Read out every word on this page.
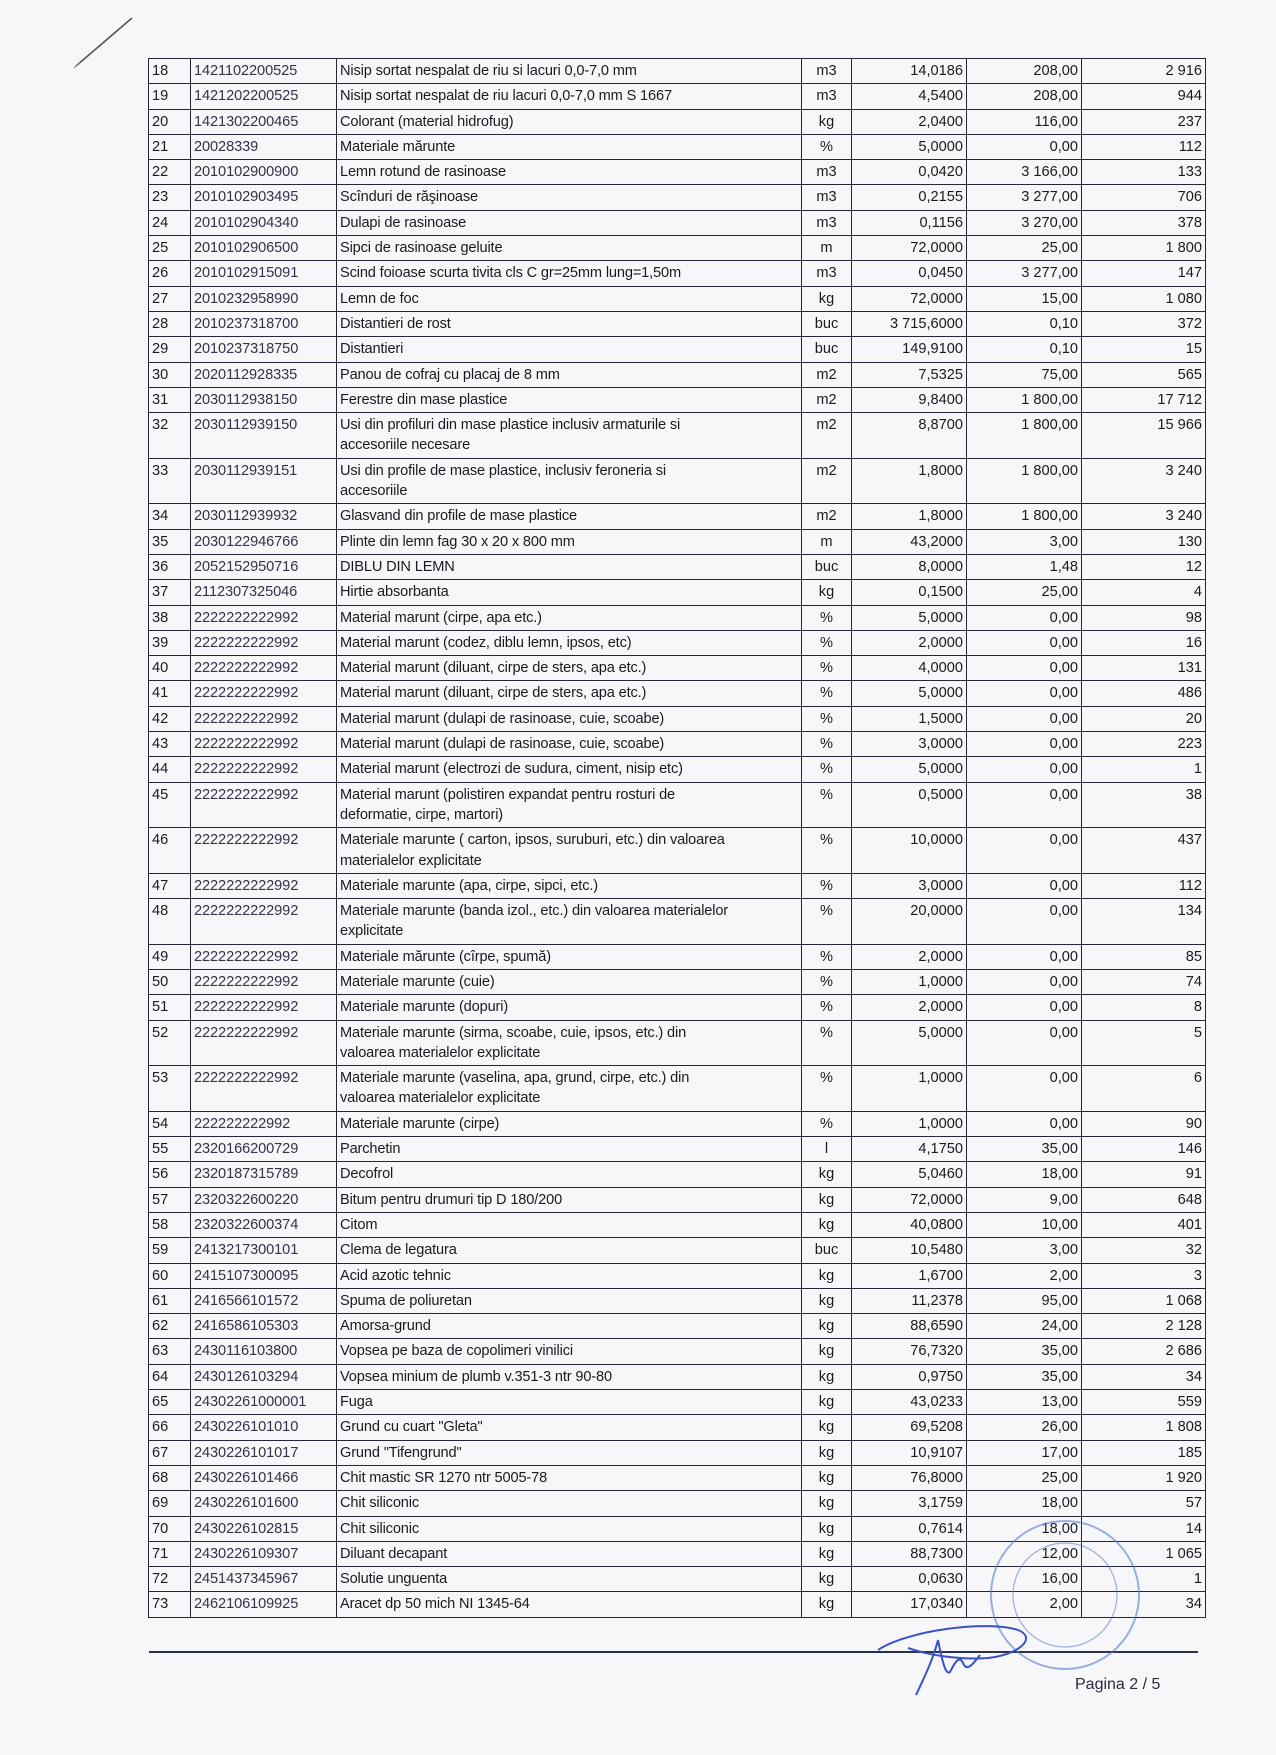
18	1421102200525	Nisip sortat nespalat de riu si lacuri 0,0-7,0 mm	m3	14,0186	208,00	2 916
19	1421202200525	Nisip sortat nespalat de riu lacuri 0,0-7,0 mm S 1667	m3	4,5400	208,00	944
20	1421302200465	Colorant (material hidrofug)	kg	2,0400	116,00	237
21	20028339	Materiale mărunte	%	5,0000	0,00	112
22	2010102900900	Lemn rotund de rasinoase	m3	0,0420	3 166,00	133
23	2010102903495	Scînduri de răşinoase	m3	0,2155	3 277,00	706
24	2010102904340	Dulapi de rasinoase	m3	0,1156	3 270,00	378
25	2010102906500	Sipci de rasinoase geluite	m	72,0000	25,00	1 800
26	2010102915091	Scind foioase scurta tivita cls C gr=25mm lung=1,50m	m3	0,0450	3 277,00	147
27	2010232958990	Lemn de foc	kg	72,0000	15,00	1 080
28	2010237318700	Distantieri de rost	buc	3 715,6000	0,10	372
29	2010237318750	Distantieri	buc	149,9100	0,10	15
30	2020112928335	Panou de cofraj cu placaj de 8 mm	m2	7,5325	75,00	565
31	2030112938150	Ferestre din mase plastice	m2	9,8400	1 800,00	17 712
32	2030112939150	Usi din profiluri din mase plastice inclusiv armaturile si
accesoriile necesare	m2	8,8700	1 800,00	15 966
33	2030112939151	Usi din profile de mase plastice, inclusiv feroneria si
accesoriile	m2	1,8000	1 800,00	3 240
34	2030112939932	Glasvand din profile de mase plastice	m2	1,8000	1 800,00	3 240
35	2030122946766	Plinte din lemn fag 30 x 20 x 800 mm	m	43,2000	3,00	130
36	2052152950716	DIBLU DIN LEMN	buc	8,0000	1,48	12
37	2112307325046	Hirtie absorbanta	kg	0,1500	25,00	4
38	2222222222992	Material marunt (cirpe, apa etc.)	%	5,0000	0,00	98
39	2222222222992	Material marunt (codez, diblu lemn, ipsos, etc)	%	2,0000	0,00	16
40	2222222222992	Material marunt (diluant, cirpe de sters, apa etc.)	%	4,0000	0,00	131
41	2222222222992	Material marunt (diluant, cirpe de sters, apa etc.)	%	5,0000	0,00	486
42	2222222222992	Material marunt (dulapi de rasinoase, cuie, scoabe)	%	1,5000	0,00	20
43	2222222222992	Material marunt (dulapi de rasinoase, cuie, scoabe)	%	3,0000	0,00	223
44	2222222222992	Material marunt (electrozi de sudura, ciment, nisip etc)	%	5,0000	0,00	1
45	2222222222992	Material marunt (polistiren expandat pentru rosturi de
deformatie, cirpe, martori)	%	0,5000	0,00	38
46	2222222222992	Materiale marunte ( carton, ipsos, suruburi, etc.) din valoarea
materialelor explicitate	%	10,0000	0,00	437
47	2222222222992	Materiale marunte (apa, cirpe, sipci, etc.)	%	3,0000	0,00	112
48	2222222222992	Materiale marunte (banda izol., etc.) din valoarea materialelor
explicitate	%	20,0000	0,00	134
49	2222222222992	Materiale mărunte (cîrpe, spumă)	%	2,0000	0,00	85
50	2222222222992	Materiale marunte (cuie)	%	1,0000	0,00	74
51	2222222222992	Materiale marunte (dopuri)	%	2,0000	0,00	8
52	2222222222992	Materiale marunte (sirma, scoabe, cuie, ipsos, etc.) din
valoarea materialelor explicitate	%	5,0000	0,00	5
53	2222222222992	Materiale marunte (vaselina, apa, grund, cirpe, etc.) din
valoarea materialelor explicitate	%	1,0000	0,00	6
54	222222222992	Materiale marunte (cirpe)	%	1,0000	0,00	90
55	2320166200729	Parchetin	l	4,1750	35,00	146
56	2320187315789	Decofrol	kg	5,0460	18,00	91
57	2320322600220	Bitum pentru drumuri tip D 180/200	kg	72,0000	9,00	648
58	2320322600374	Citom	kg	40,0800	10,00	401
59	2413217300101	Clema de legatura	buc	10,5480	3,00	32
60	2415107300095	Acid azotic tehnic	kg	1,6700	2,00	3
61	2416566101572	Spuma de poliuretan	kg	11,2378	95,00	1 068
62	2416586105303	Amorsa-grund	kg	88,6590	24,00	2 128
63	2430116103800	Vopsea pe baza de copolimeri vinilici	kg	76,7320	35,00	2 686
64	2430126103294	Vopsea minium de plumb v.351-3 ntr 90-80	kg	0,9750	35,00	34
65	24302261000001	Fuga	kg	43,0233	13,00	559
66	2430226101010	Grund cu cuart "Gleta"	kg	69,5208	26,00	1 808
67	2430226101017	Grund "Tifengrund"	kg	10,9107	17,00	185
68	2430226101466	Chit mastic SR 1270 ntr 5005-78	kg	76,8000	25,00	1 920
69	2430226101600	Chit siliconic	kg	3,1759	18,00	57
70	2430226102815	Chit siliconic	kg	0,7614	18,00	14
71	2430226109307	Diluant decapant	kg	88,7300	12,00	1 065
72	2451437345967	Solutie unguenta	kg	0,0630	16,00	1
73	2462106109925	Aracet dp 50 mich NI 1345-64	kg	17,0340	2,00	34
Pagina 2 / 5
